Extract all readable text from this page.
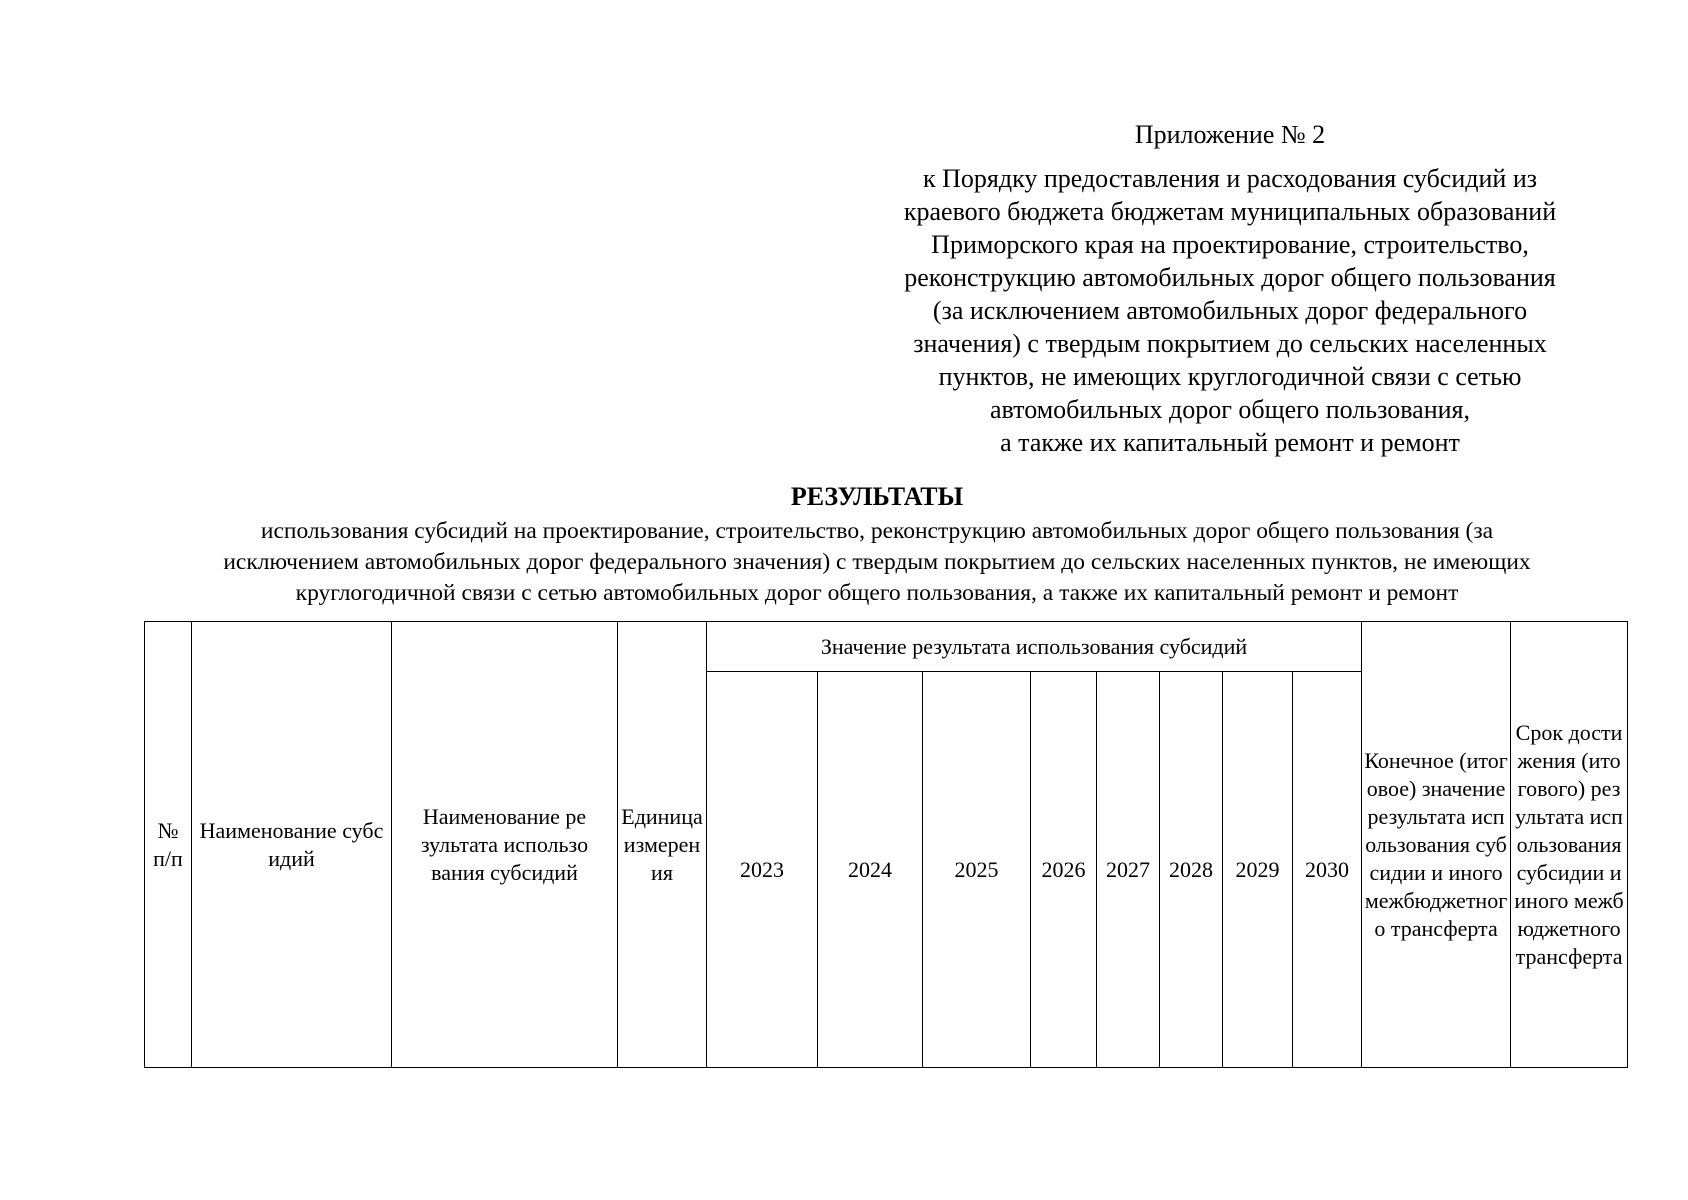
Приложение № 2
к Порядку предоставления и расходования субсидий из
краевого бюджета бюджетам муниципальных образований
Приморского края на проектирование, строительство,
реконструкцию автомобильных дорог общего пользования
(за исключением автомобильных дорог федерального
значения) с твердым покрытием до сельских населенных
пунктов, не имеющих круглогодичной связи с сетью
автомобильных дорог общего пользования,
а также их капитальный ремонт и ремонт
РЕЗУЛЬТАТЫ
использования субсидий на проектирование, строительство, реконструкцию автомобильных дорог общего пользования (за
исключением автомобильных дорог федерального значения) с твердым покрытием до сельских населенных пунктов, не имеющих
круглогодичной связи с сетью автомобильных дорог общего пользования, а также их капитальный ремонт и ремонт
№ п/п	Наименование субсидий	Наименование результата использования субсидий	Единица измерения	Значение результата использования субсидий								Конечное (итоговое) значение результата использования субсидии и иного межбюджетного трансферта	Срок достижения (итогового) результата использования субсидии и иного межбюджетного трансферта
				2023	2024	2025	2026	2027	2028	2029	2030		
